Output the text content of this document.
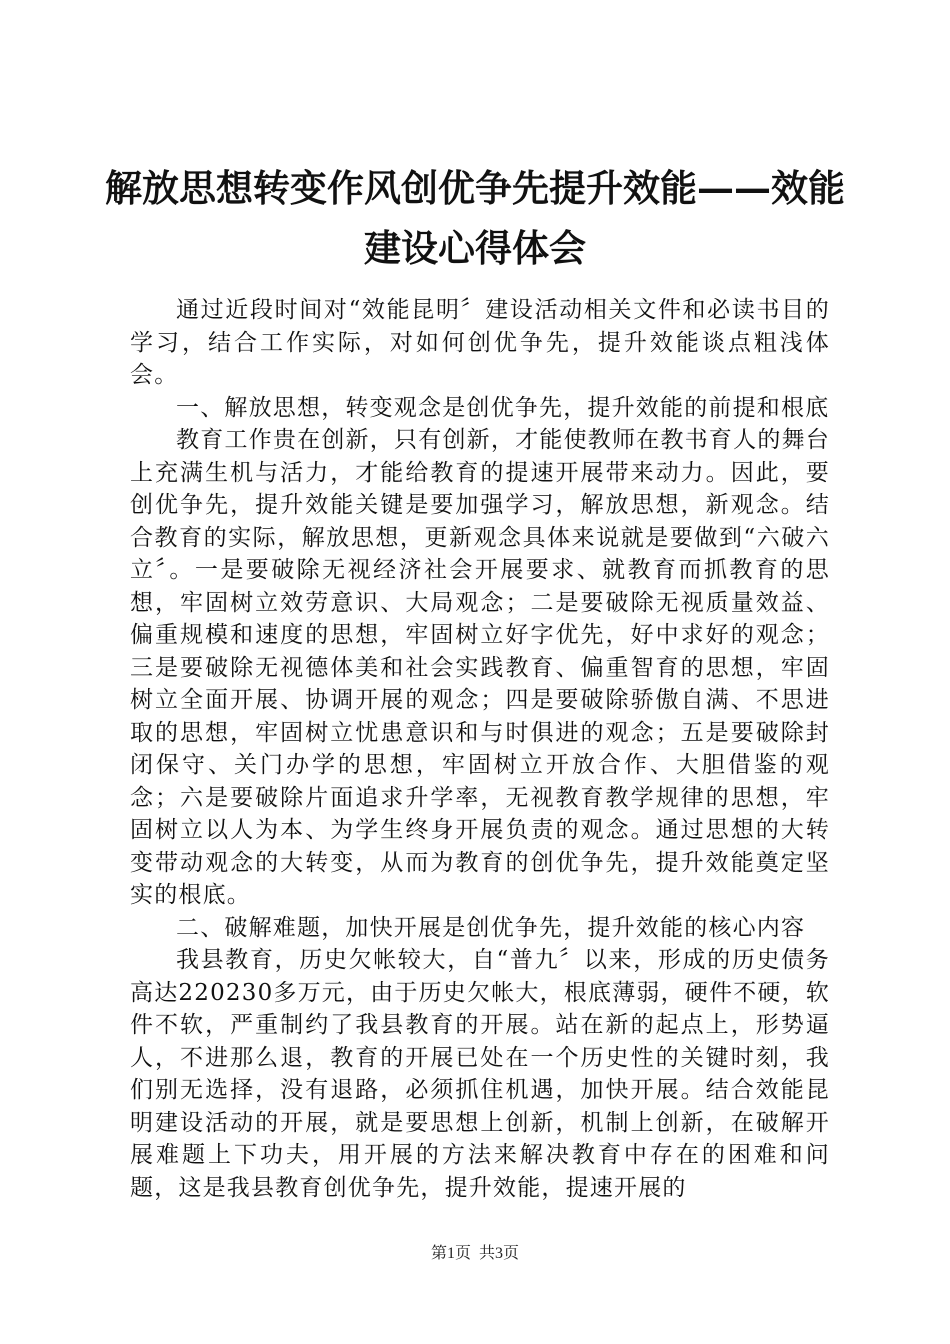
解放思想转变作风创优争先提升效能——效能建设心得体会

通过近段时间对“效能昆明〞建设活动相关文件和必读书目的学习，结合工作实际，对如何创优争先，提升效能谈点粗浅体会。

一、解放思想，转变观念是创优争先，提升效能的前提和根底

教育工作贵在创新，只有创新，才能使教师在教书育人的舞台上充满生机与活力，才能给教育的提速开展带来动力。因此，要创优争先，提升效能关键是要加强学习，解放思想，新观念。结合教育的实际，解放思想，更新观念具体来说就是要做到“六破六立〞。一是要破除无视经济社会开展要求、就教育而抓教育的思想，牢固树立效劳意识、大局观念；二是要破除无视质量效益、偏重规模和速度的思想，牢固树立好字优先，好中求好的观念；三是要破除无视德体美和社会实践教育、偏重智育的思想，牢固树立全面开展、协调开展的观念；四是要破除骄傲自满、不思进取的思想，牢固树立忧患意识和与时俱进的观念；五是要破除封闭保守、关门办学的思想，牢固树立开放合作、大胆借鉴的观念；六是要破除片面追求升学率，无视教育教学规律的思想，牢固树立以人为本、为学生终身开展负责的观念。通过思想的大转变带动观念的大转变，从而为教育的创优争先，提升效能奠定坚实的根底。

二、破解难题，加快开展是创优争先，提升效能的核心内容

我县教育，历史欠帐较大，自“普九〞以来，形成的历史债务高达220230多万元，由于历史欠帐大，根底薄弱，硬件不硬，软件不软，严重制约了我县教育的开展。站在新的起点上，形势逼人，不进那么退，教育的开展已处在一个历史性的关键时刻，我们别无选择，没有退路，必须抓住机遇，加快开展。结合效能昆明建设活动的开展，就是要思想上创新，机制上创新，在破解开展难题上下功夫，用开展的方法来解决教育中存在的困难和问题，这是我县教育创优争先，提升效能，提速开展的

第1页 共3页
